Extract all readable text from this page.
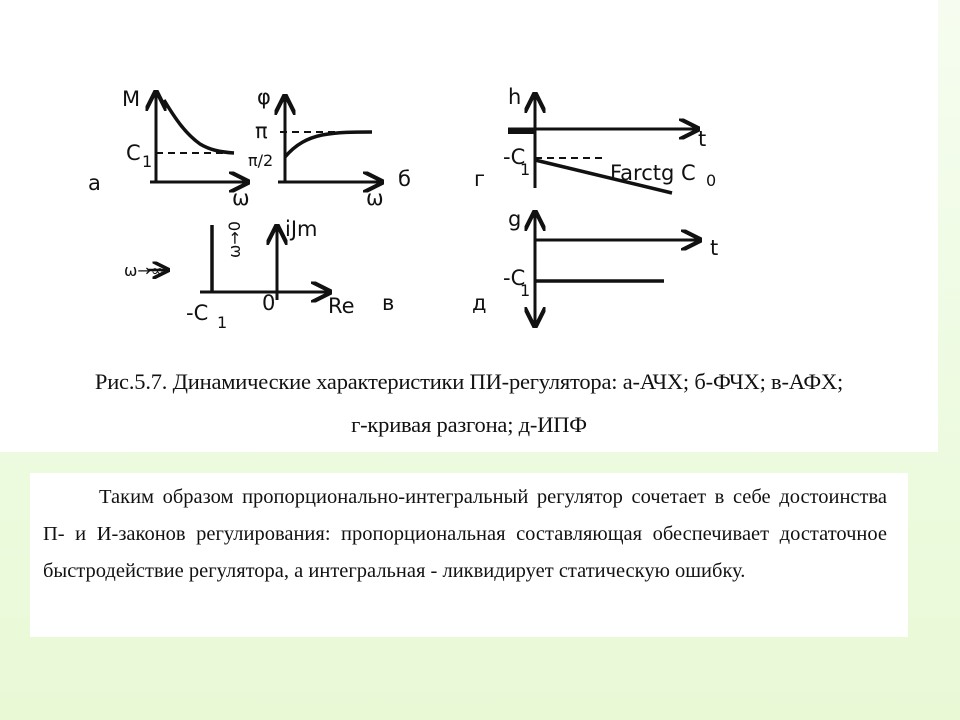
M
C 1
ω
а
φ
π
π/2
ω
б
iJm
Re
0
-C 1
ω→∞
ω→0
в
h
t
-C
1	Farctg C 0
г
g
t
-C
1
д
Рис.5.7. Динамические характеристики ПИ-регулятора: а-АЧХ; б-ФЧХ; в-АФХ;
г-кривая разгона; д-ИПФ

Таким образом пропорционально-интегральный регулятор сочетает в себе достоинства П- и И-законов регулирования: пропорциональная составляющая обеспечивает достаточное быстродействие регулятора, а интегральная - ликвидирует статическую ошибку.
